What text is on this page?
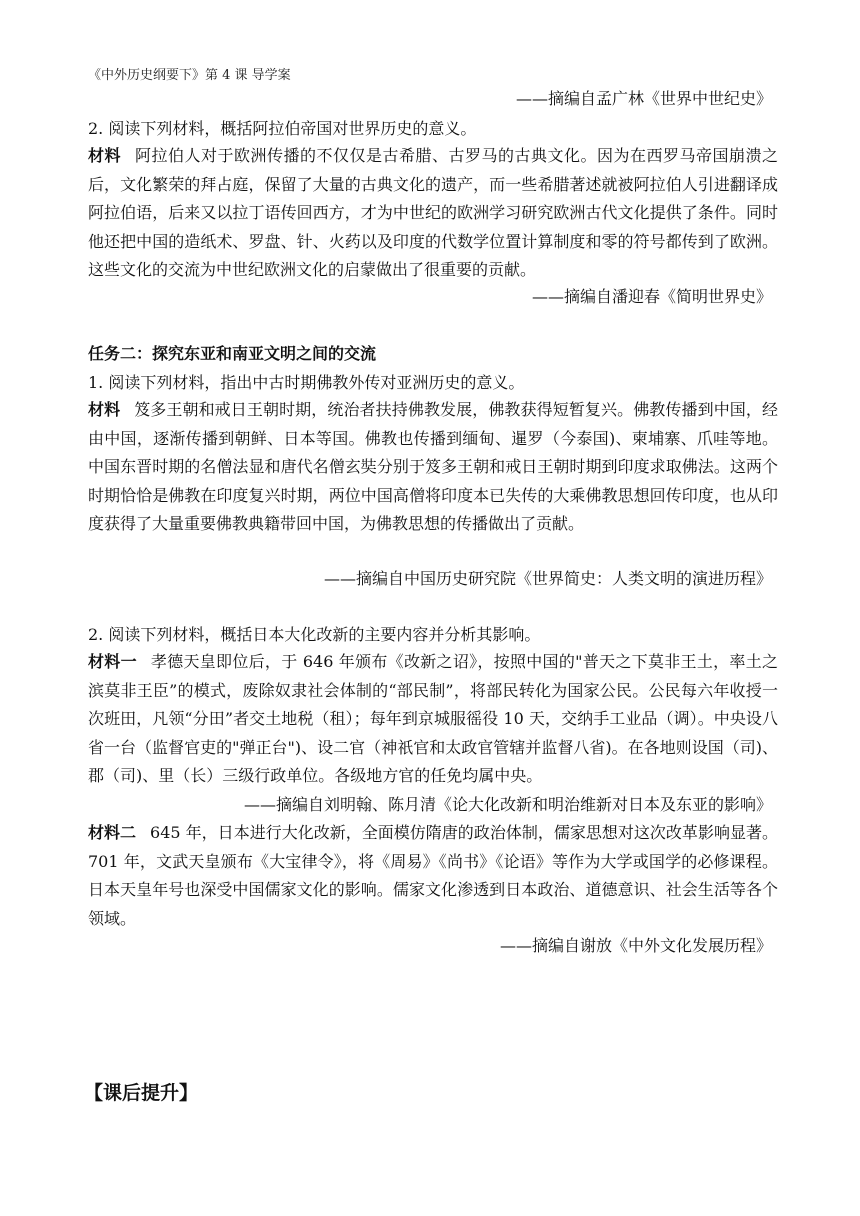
《中外历史纲要下》第 4 课 导学案
——摘编自孟广林《世界中世纪史》
2. 阅读下列材料，概括阿拉伯帝国对世界历史的意义。
材料 阿拉伯人对于欧洲传播的不仅仅是古希腊、古罗马的古典文化。因为在西罗马帝国崩溃之后，文化繁荣的拜占庭，保留了大量的古典文化的遗产，而一些希腊著述就被阿拉伯人引进翻译成阿拉伯语，后来又以拉丁语传回西方，才为中世纪的欧洲学习研究欧洲古代文化提供了条件。同时他还把中国的造纸术、罗盘、针、火药以及印度的代数学位置计算制度和零的符号都传到了欧洲。这些文化的交流为中世纪欧洲文化的启蒙做出了很重要的贡献。
——摘编自潘迎春《简明世界史》
任务二：探究东亚和南亚文明之间的交流
1. 阅读下列材料，指出中古时期佛教外传对亚洲历史的意义。
材料 笈多王朝和戒日王朝时期，统治者扶持佛教发展，佛教获得短暂复兴。佛教传播到中国，经由中国，逐渐传播到朝鲜、日本等国。佛教也传播到缅甸、暹罗（今泰国)、柬埔寨、爪哇等地。中国东晋时期的名僧法显和唐代名僧玄奘分别于笈多王朝和戒日王朝时期到印度求取佛法。这两个时期恰恰是佛教在印度复兴时期，两位中国高僧将印度本已失传的大乘佛教思想回传印度，也从印度获得了大量重要佛教典籍带回中国，为佛教思想的传播做出了贡献。
——摘编自中国历史研究院《世界简史：人类文明的演进历程》
2. 阅读下列材料，概括日本大化改新的主要内容并分析其影响。
材料一 孝德天皇即位后，于 646 年颁布《改新之诏》，按照中国的"普天之下莫非王土，率土之滨莫非王臣”的模式，废除奴隶社会体制的“部民制”，将部民转化为国家公民。公民每六年收授一次班田，凡领“分田”者交土地税（租）；每年到京城服徭役 10 天，交纳手工业品（调）。中央设八省一台（监督官吏的"弹正台")、设二官（神祇官和太政官管辖并监督八省)。在各地则设国（司)、郡（司)、里（长）三级行政单位。各级地方官的任免均属中央。
——摘编自刘明翰、陈月清《论大化改新和明治维新对日本及东亚的影响》
材料二 645 年，日本进行大化改新，全面模仿隋唐的政治体制，儒家思想对这次改革影响显著。701 年，文武天皇颁布《大宝律令》，将《周易》《尚书》《论语》等作为大学或国学的必修课程。日本天皇年号也深受中国儒家文化的影响。儒家文化渗透到日本政治、道德意识、社会生活等各个领域。
——摘编自谢放《中外文化发展历程》
【课后提升】
